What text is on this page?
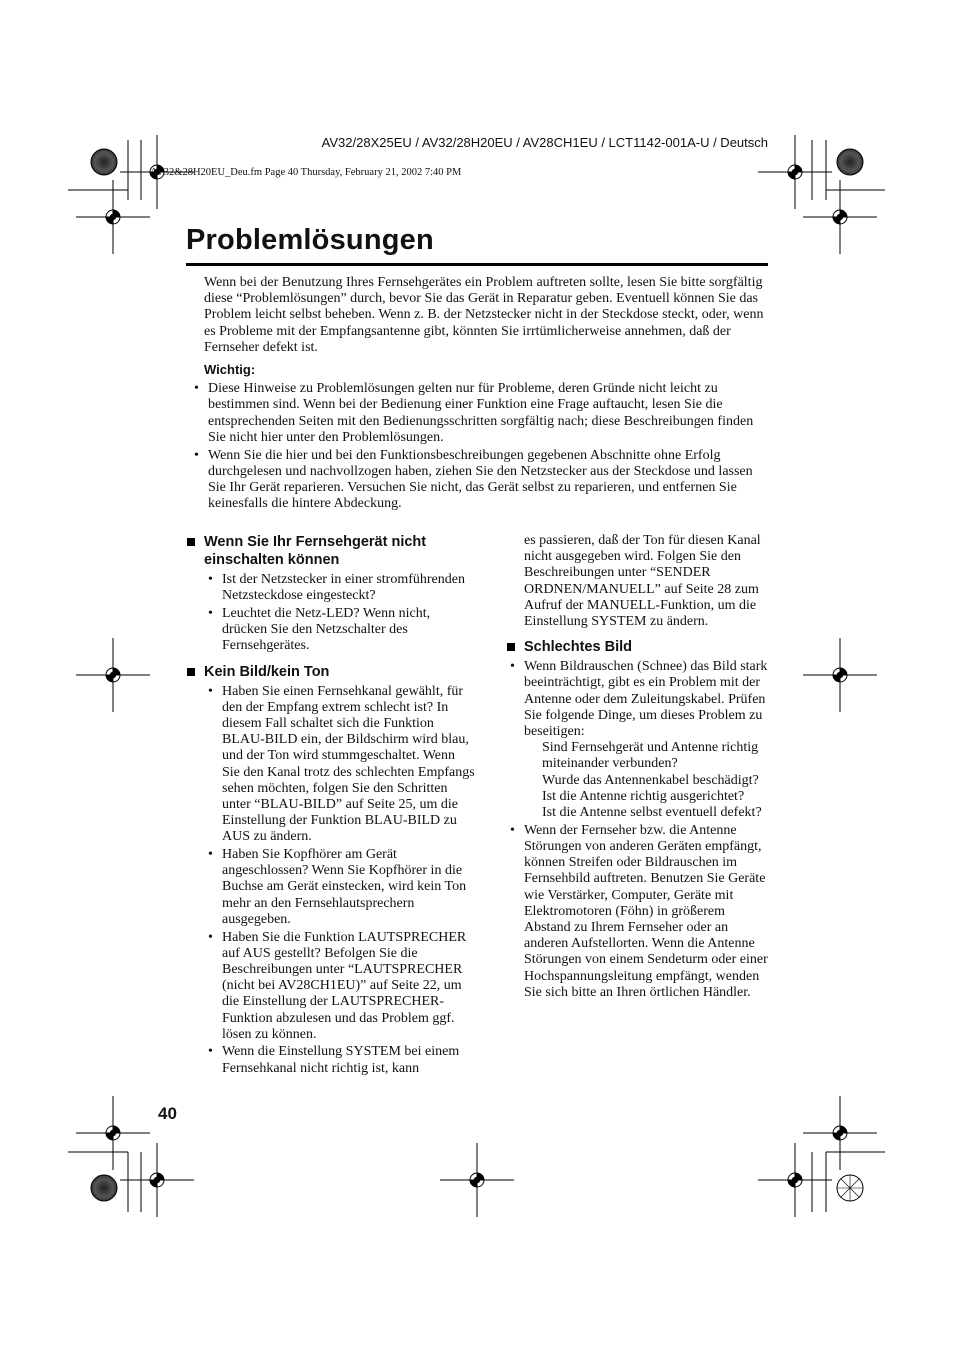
AV32/28X25EU / AV32/28H20EU / AV28CH1EU / LCT1142-001A-U / Deutsch
AV32&28H20EU_Deu.fm Page 40 Thursday, February 21, 2002 7:40 PM
Problemlösungen

Wenn bei der Benutzung Ihres Fernsehgerätes ein Problem auftreten sollte, lesen Sie bitte sorgfältig diese “Problemlösungen” durch, bevor Sie das Gerät in Reparatur geben. Eventuell können Sie das Problem leicht selbst beheben. Wenn z. B. der Netzstecker nicht in der Steckdose steckt, oder, wenn es Probleme mit der Empfangsantenne gibt, könnten Sie irrtümlicherweise annehmen, daß der Fernseher defekt ist.

Wichtig:

• Diese Hinweise zu Problemlösungen gelten nur für Probleme, deren Gründe nicht leicht zu bestimmen sind. Wenn bei der Bedienung einer Funktion eine Frage auftaucht, lesen Sie die entsprechenden Seiten mit den Bedienungsschritten sorgfältig nach; diese Beschreibungen finden Sie nicht hier unter den Problemlösungen.
• Wenn Sie die hier und bei den Funktionsbeschreibungen gegebenen Abschnitte ohne Erfolg durchgelesen und nachvollzogen haben, ziehen Sie den Netzstecker aus der Steckdose und lassen Sie Ihr Gerät reparieren. Versuchen Sie nicht, das Gerät selbst zu reparieren, und entfernen Sie keinesfalls die hintere Abdeckung.
Wenn Sie Ihr Fernsehgerät nicht einschalten können
• Ist der Netzstecker in einer stromführenden Netzsteckdose eingesteckt?
• Leuchtet die Netz-LED? Wenn nicht, drücken Sie den Netzschalter des Fernsehgerätes.
Kein Bild/kein Ton
• Haben Sie einen Fernsehkanal gewählt, für den der Empfang extrem schlecht ist? In diesem Fall schaltet sich die Funktion BLAU-BILD ein, der Bildschirm wird blau, und der Ton wird stummgeschaltet. Wenn Sie den Kanal trotz des schlechten Empfangs sehen möchten, folgen Sie den Schritten unter “BLAU-BILD” auf Seite 25, um die Einstellung der Funktion BLAU-BILD zu AUS zu ändern.
• Haben Sie Kopfhörer am Gerät angeschlossen? Wenn Sie Kopfhörer in die Buchse am Gerät einstecken, wird kein Ton mehr an den Fernsehlautsprechern ausgegeben.
• Haben Sie die Funktion LAUTSPRECHER auf AUS gestellt? Befolgen Sie die Beschreibungen unter “LAUTSPRECHER (nicht bei AV28CH1EU)” auf Seite 22, um die Einstellung der LAUTSPRECHER-Funktion abzulesen und das Problem ggf. lösen zu können.
• Wenn die Einstellung SYSTEM bei einem Fernsehkanal nicht richtig ist, kann

es passieren, daß der Ton für diesen Kanal nicht ausgegeben wird. Folgen Sie den Beschreibungen unter “SENDER ORDNEN/MANUELL” auf Seite 28 zum Aufruf der MANUELL-Funktion, um die Einstellung SYSTEM zu ändern.

Schlechtes Bild
• Wenn Bildrauschen (Schnee) das Bild stark beeinträchtigt, gibt es ein Problem mit der Antenne oder dem Zuleitungskabel. Prüfen Sie folgende Dinge, um dieses Problem zu beseitigen:
Sind Fernsehgerät und Antenne richtig miteinander verbunden?
Wurde das Antennenkabel beschädigt?
Ist die Antenne richtig ausgerichtet?
Ist die Antenne selbst eventuell defekt?
• Wenn der Fernseher bzw. die Antenne Störungen von anderen Geräten empfängt, können Streifen oder Bildrauschen im Fernsehbild auftreten. Benutzen Sie Geräte wie Verstärker, Computer, Geräte mit Elektromotoren (Föhn) in größerem Abstand zu Ihrem Fernseher oder an anderen Aufstellorten. Wenn die Antenne Störungen von einem Sendeturm oder einer Hochspannungsleitung empfängt, wenden Sie sich bitte an Ihren örtlichen Händler.
40
